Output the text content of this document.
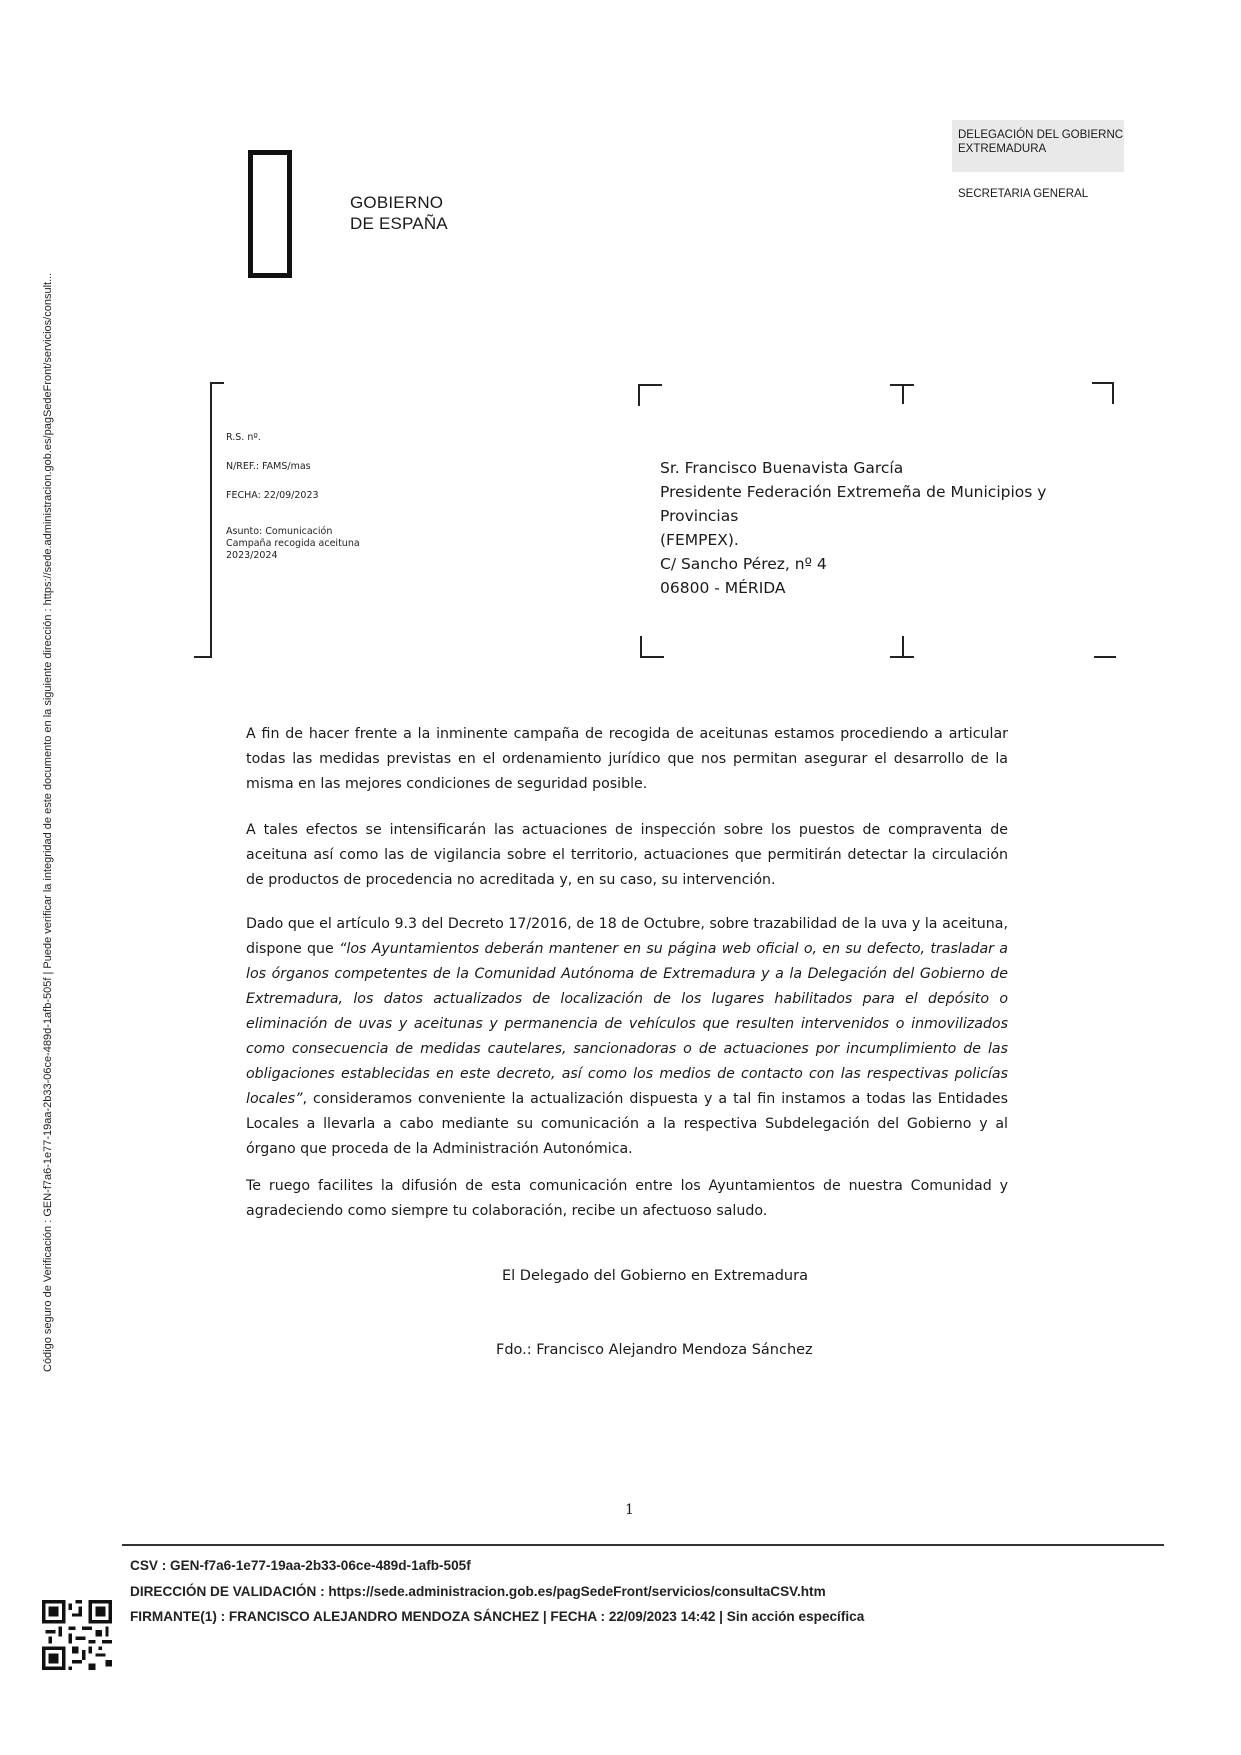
GOBIERNO
DE ESPAÑA
DELEGACIÓN DEL GOBIERNC
EXTREMADURA
SECRETARIA GENERAL
Código seguro de Verificación : GEN-f7a6-1e77-19aa-2b33-06ce-489d-1afb-505f | Puede verificar la integridad de este documento en la siguiente dirección : https://sede.administracion.gob.es/pagSedeFront/servicios/consult...	R.S. nº.
N/REF.: FAMS/mas
FECHA: 22/09/2023
Asunto: Comunicación
Campaña recogida aceituna
2023/2024
Sr. Francisco Buenavista García
Presidente Federación Extremeña de Municipios y
Provincias
(FEMPEX).
C/ Sancho Pérez, nº 4
06800 - MÉRIDA

A fin de hacer frente a la inminente campaña de recogida de aceitunas estamos procediendo a articular todas las medidas previstas en el ordenamiento jurídico que nos permitan asegurar el desarrollo de la misma en las mejores condiciones de seguridad posible.

A tales efectos se intensificarán las actuaciones de inspección sobre los puestos de compraventa de aceituna así como las de vigilancia sobre el territorio, actuaciones que permitirán detectar la circulación de productos de procedencia no acreditada y, en su caso, su intervención.

Dado que el artículo 9.3 del Decreto 17/2016, de 18 de Octubre, sobre trazabilidad de la uva y la aceituna, dispone que “los Ayuntamientos deberán mantener en su página web oficial o, en su defecto, trasladar a los órganos competentes de la Comunidad Autónoma de Extremadura y a la Delegación del Gobierno de Extremadura, los datos actualizados de localización de los lugares habilitados para el depósito o eliminación de uvas y aceitunas y permanencia de vehículos que resulten intervenidos o inmovilizados como consecuencia de medidas cautelares, sancionadoras o de actuaciones por incumplimiento de las obligaciones establecidas en este decreto, así como los medios de contacto con las respectivas policías locales”, consideramos conveniente la actualización dispuesta y a tal fin instamos a todas las Entidades Locales a llevarla a cabo mediante su comunicación a la respectiva Subdelegación del Gobierno y al órgano que proceda de la Administración Autonómica.

Te ruego facilites la difusión de esta comunicación entre los Ayuntamientos de nuestra Comunidad y agradeciendo como siempre tu colaboración, recibe un afectuoso saludo.

El Delegado del Gobierno en Extremadura
Fdo.: Francisco Alejandro Mendoza Sánchez
1
CSV : GEN-f7a6-1e77-19aa-2b33-06ce-489d-1afb-505f
DIRECCIÓN DE VALIDACIÓN : https://sede.administracion.gob.es/pagSedeFront/servicios/consultaCSV.htm
FIRMANTE(1) : FRANCISCO ALEJANDRO MENDOZA SÁNCHEZ | FECHA : 22/09/2023 14:42 | Sin acción específica
